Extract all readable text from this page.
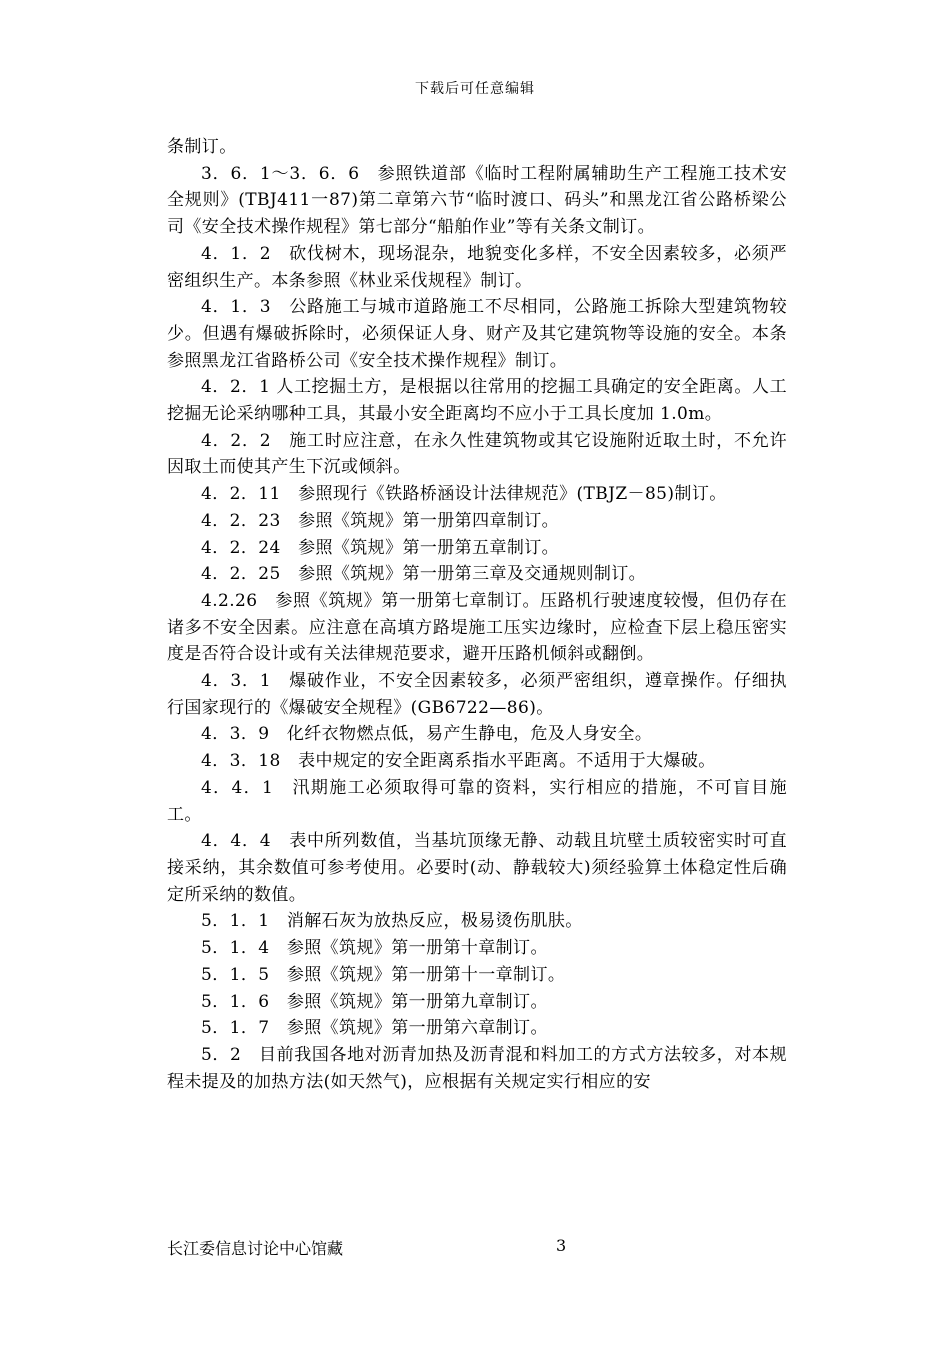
下载后可任意编辑

条制订。

3．6．1～3．6．6　参照铁道部《临时工程附属辅助生产工程施工技术安全规则》(TBJ411一87)第二章第六节“临时渡口、码头”和黑龙江省公路桥梁公司《安全技术操作规程》第七部分“船舶作业”等有关条文制订。

4．1．2　砍伐树木，现场混杂，地貌变化多样，不安全因素较多，必须严密组织生产。本条参照《林业采伐规程》制订。

4．1．3　公路施工与城市道路施工不尽相同，公路施工拆除大型建筑物较少。但遇有爆破拆除时，必须保证人身、财产及其它建筑物等设施的安全。本条参照黑龙江省路桥公司《安全技术操作规程》制订。

4．2．1 人工挖掘土方，是根据以往常用的挖掘工具确定的安全距离。人工挖掘无论采纳哪种工具，其最小安全距离均不应小于工具长度加 1.0m。

4．2．2　施工时应注意，在永久性建筑物或其它设施附近取土时，不允许因取土而使其产生下沉或倾斜。

4．2．11　参照现行《铁路桥涵设计法律规范》(TBJZ－85)制订。

4．2．23　参照《筑规》第一册第四章制订。

4．2．24　参照《筑规》第一册第五章制订。

4．2．25　参照《筑规》第一册第三章及交通规则制订。

4.2.26　参照《筑规》第一册第七章制订。压路机行驶速度较慢，但仍存在诸多不安全因素。应注意在高填方路堤施工压实边缘时，应检查下层上稳压密实度是否符合设计或有关法律规范要求，避开压路机倾斜或翻倒。

4．3．1　爆破作业，不安全因素较多，必须严密组织，遵章操作。仔细执行国家现行的《爆破安全规程》(GB6722—86)。

4．3．9　化纤衣物燃点低，易产生静电，危及人身安全。

4．3．18　表中规定的安全距离系指水平距离。不适用于大爆破。

4．4．1　汛期施工必须取得可靠的资料，实行相应的措施，不可盲目施工。

4．4．4　表中所列数值，当基坑顶缘无静、动载且坑壁土质较密实时可直接采纳，其余数值可参考使用。必要时(动、静载较大)须经验算土体稳定性后确定所采纳的数值。

5．1．1　消解石灰为放热反应，极易烫伤肌肤。

5．1．4　参照《筑规》第一册第十章制订。

5．1．5　参照《筑规》第一册第十一章制订。

5．1．6　参照《筑规》第一册第九章制订。

5．1．7　参照《筑规》第一册第六章制订。

5．2　目前我国各地对沥青加热及沥青混和料加工的方式方法较多，对本规程未提及的加热方法(如天然气)，应根据有关规定实行相应的安

长江委信息讨论中心馆藏	3
